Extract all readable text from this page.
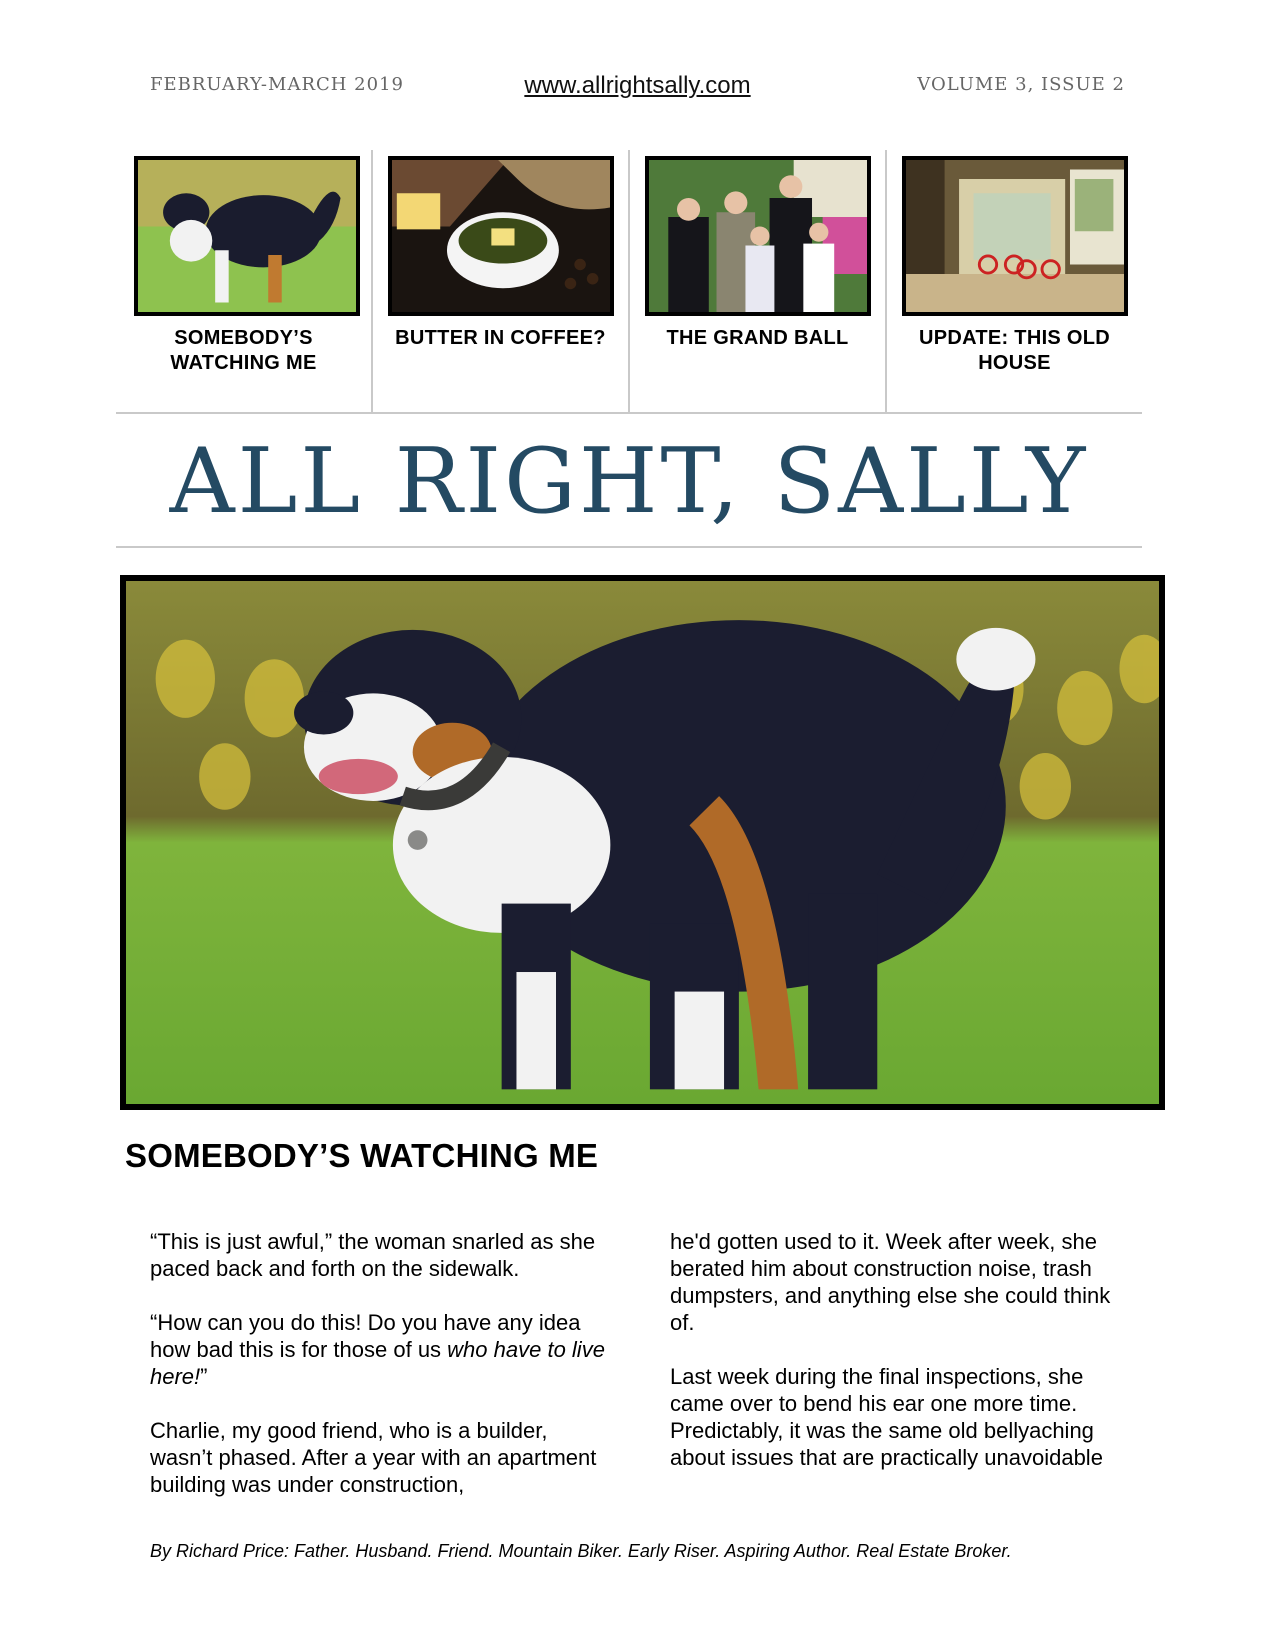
FEBRUARY-MARCH 2019	www.allrightsally.com	VOLUME 3, ISSUE 2
SOMEBODY’S WATCHING ME
BUTTER IN COFFEE?	THE GRAND BALL	UPDATE: THIS OLD HOUSE
ALL RIGHT, SALLY
SOMEBODY’S WATCHING ME

“This is just awful,” the woman snarled as she paced back and forth on the sidewalk.

“How can you do this! Do you have any idea how bad this is for those of us who have to live here!”

Charlie, my good friend, who is a builder, wasn’t phased. After a year with an apartment building was under construction,

he'd gotten used to it. Week after week, she berated him about construction noise, trash dumpsters, and anything else she could think of.

Last week during the final inspections, she came over to bend his ear one more time. Predictably, it was the same old bellyaching about issues that are practically unavoidable

By Richard Price: Father. Husband. Friend. Mountain Biker. Early Riser. Aspiring Author. Real Estate Broker.
